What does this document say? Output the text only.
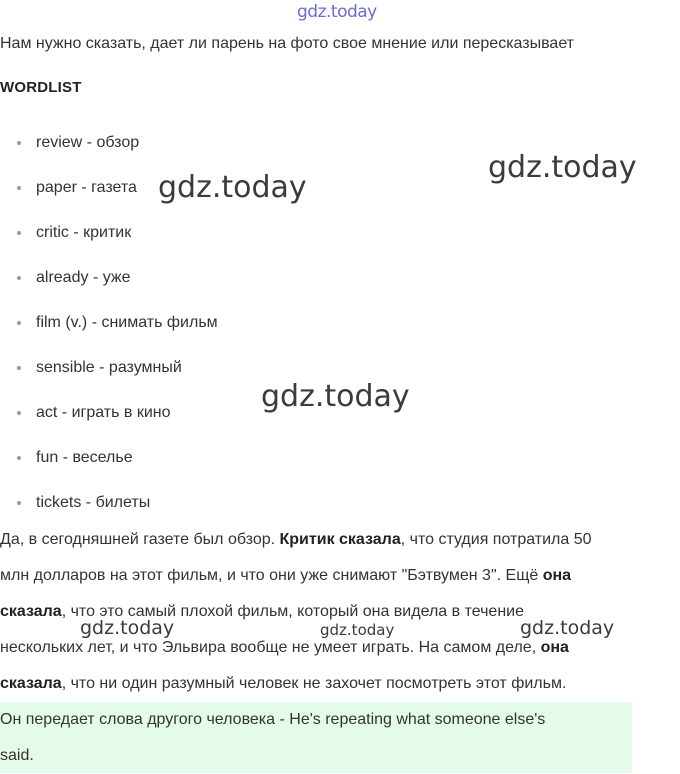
gdz.today
Нам нужно сказать, дает ли парень на фото свое мнение или пересказывает
WORDLIST
review - обзор
paper - газета
critic - критик
already - уже
film (v.) - снимать фильм
sensible - разумный
act - играть в кино
fun - веселье
tickets - билеты
Да, в сегодняшней газете был обзор. Критик сказала, что студия потратила 50
млн долларов на этот фильм, и что они уже снимают "Бэтвумен 3". Ещё она
сказала, что это самый плохой фильм, который она видела в течение
нескольких лет, и что Эльвира вообще не умеет играть. На самом деле, она
сказала, что ни один разумный человек не захочет посмотреть этот фильм.
Он передает слова другого человека - He's repeating what someone else's
said.
gdz.today
gdz.today
gdz.today
gdz.today	gdz.today	gdz.today
